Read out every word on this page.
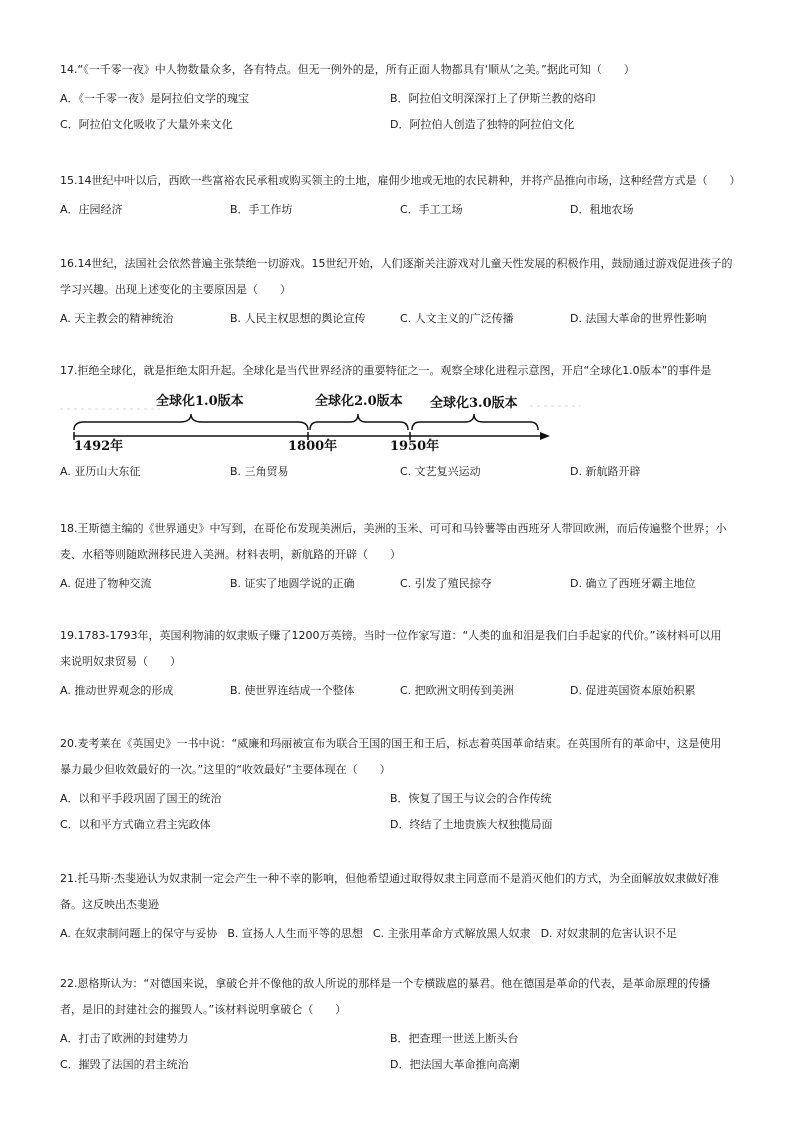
14.“《一千零一夜》中人物数量众多，各有特点。但无一例外的是，所有正面人物都具有‘顺从’之美。”据此可知（　　）

A．《一千零一夜》是阿拉伯文学的瑰宝	B．阿拉伯文明深深打上了伊斯兰教的烙印
C．阿拉伯文化吸收了大量外来文化	D．阿拉伯人创造了独特的阿拉伯文化

15.14世纪中叶以后，西欧一些富裕农民承租或购买领主的土地，雇佣少地或无地的农民耕种，并将产品推向市场，这种经营方式是（　　）

A．庄园经济	B．手工作坊	C．手工工场	D．租地农场

16.14世纪，法国社会依然普遍主张禁绝一切游戏。15世纪开始，人们逐渐关注游戏对儿童天性发展的积极作用，鼓励通过游戏促进孩子的
学习兴趣。出现上述变化的主要原因是（　　）

A. 天主教会的精神统治	B. 人民主权思想的舆论宣传	C. 人文主义的广泛传播	D. 法国大革命的世界性影响

17.拒绝全球化，就是拒绝太阳升起。全球化是当代世界经济的重要特征之一。观察全球化进程示意图，开启“全球化1.0版本”的事件是

全球化1.0版本	全球化2.0版本 全球化3.0版本
1492年	1800年	1950年
A. 亚历山大东征	B. 三角贸易	C. 文艺复兴运动	D. 新航路开辟

18.王斯德主编的《世界通史》中写到，在哥伦布发现美洲后，美洲的玉米、可可和马铃薯等由西班牙人带回欧洲，而后传遍整个世界；小
麦、水稻等则随欧洲移民进入美洲。材料表明，新航路的开辟（　　）

A. 促进了物种交流	B. 证实了地圆学说的正确	C. 引发了殖民掠夺	D. 确立了西班牙霸主地位

19.1783-1793年，英国利物浦的奴隶贩子赚了1200万英镑。当时一位作家写道：“人类的血和泪是我们白手起家的代价。”该材料可以用
来说明奴隶贸易（　　）

A. 推动世界观念的形成	B. 使世界连结成一个整体	C. 把欧洲文明传到美洲	D. 促进英国资本原始积累

20.麦考莱在《英国史》一书中说：“威廉和玛丽被宣布为联合王国的国王和王后，标志着英国革命结束。在英国所有的革命中，这是使用
暴力最少但收效最好的一次。”这里的“收效最好”主要体现在（　　）

A．以和平手段巩固了国王的统治	B．恢复了国王与议会的合作传统
C．以和平方式确立君主宪政体	D．终结了土地贵族大权独揽局面

21.托马斯·杰斐逊认为奴隶制一定会产生一种不幸的影响，但他希望通过取得奴隶主同意而不是消灭他们的方式，为全面解放奴隶做好准
备。这反映出杰斐逊

A. 在奴隶制问题上的保守与妥协 B. 宣扬人人生而平等的思想 C. 主张用革命方式解放黑人奴隶 D. 对奴隶制的危害认识不足

22.恩格斯认为：“对德国来说，拿破仑并不像他的敌人所说的那样是一个专横跋扈的暴君。他在德国是革命的代表，是革命原理的传播
者，是旧的封建社会的摧毁人。”该材料说明拿破仑（　　）

A．打击了欧洲的封建势力	B．把查理一世送上断头台
C．摧毁了法国的君主统治	D．把法国大革命推向高潮
